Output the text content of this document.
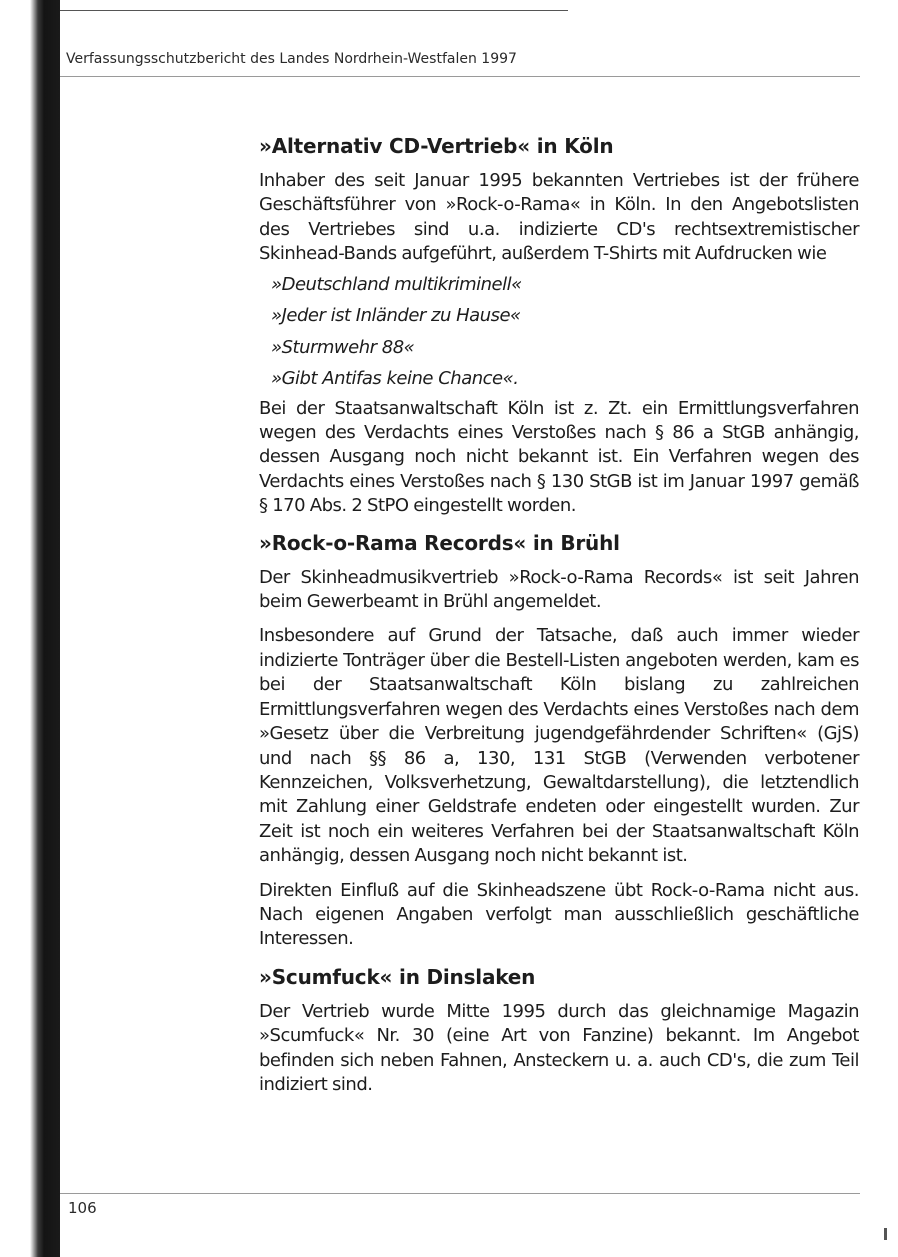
Verfassungsschutzbericht des Landes Nordrhein-Westfalen 1997
»Alternativ CD-Vertrieb« in Köln

Inhaber des seit Januar 1995 bekannten Vertriebes ist der frühere Geschäftsführer von »Rock-o-Rama« in Köln. In den Angebotslisten des Vertriebes sind u.a. indizierte CD's rechtsextremistischer Skinhead-Bands aufgeführt, außerdem T-Shirts mit Aufdrucken wie

»Deutschland multikriminell«
»Jeder ist Inländer zu Hause«
»Sturmwehr 88«
»Gibt Antifas keine Chance«.

Bei der Staatsanwaltschaft Köln ist z. Zt. ein Ermittlungsverfahren wegen des Verdachts eines Verstoßes nach § 86 a StGB anhängig, dessen Ausgang noch nicht bekannt ist. Ein Verfahren wegen des Verdachts eines Verstoßes nach § 130 StGB ist im Januar 1997 gemäß § 170 Abs. 2 StPO eingestellt worden.

»Rock-o-Rama Records« in Brühl

Der Skinheadmusikvertrieb »Rock-o-Rama Records« ist seit Jahren beim Gewerbeamt in Brühl angemeldet.

Insbesondere auf Grund der Tatsache, daß auch immer wieder indizierte Tonträger über die Bestell-Listen angeboten werden, kam es bei der Staatsanwaltschaft Köln bislang zu zahlreichen Ermittlungsverfahren wegen des Verdachts eines Verstoßes nach dem »Gesetz über die Verbreitung jugendgefährdender Schriften« (GjS) und nach §§ 86 a, 130, 131 StGB (Verwenden verbotener Kennzeichen, Volksverhetzung, Gewaltdarstellung), die letztendlich mit Zahlung einer Geldstrafe endeten oder eingestellt wurden. Zur Zeit ist noch ein weiteres Verfahren bei der Staatsanwaltschaft Köln anhängig, dessen Ausgang noch nicht bekannt ist.

Direkten Einfluß auf die Skinheadszene übt Rock-o-Rama nicht aus. Nach eigenen Angaben verfolgt man ausschließlich geschäftliche Interessen.

»Scumfuck« in Dinslaken

Der Vertrieb wurde Mitte 1995 durch das gleichnamige Magazin »Scumfuck« Nr. 30 (eine Art von Fanzine) bekannt. Im Angebot befinden sich neben Fahnen, Ansteckern u. a. auch CD's, die zum Teil indiziert sind.

106
